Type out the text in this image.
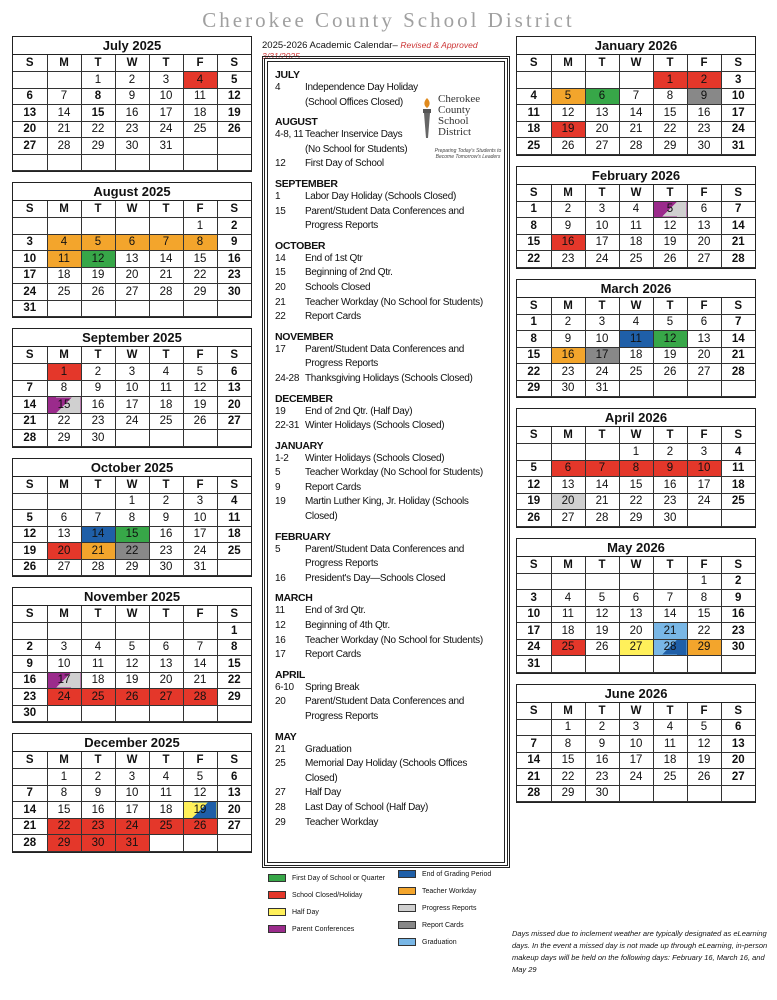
Cherokee County School District
July 2025
S	M	T	W	T	F	S
		1	2	3	4	5
6	7	8	9	10	11	12
13	14	15	16	17	18	19
20	21	22	23	24	25	26
27	28	29	30	31		

August 2025
S	M	T	W	T	F	S
					1	2
3	4	5	6	7	8	9
10	11	12	13	14	15	16
17	18	19	20	21	22	23
24	25	26	27	28	29	30
31						
September 2025
S	M	T	W	T	F	S
	1	2	3	4	5	6
7	8	9	10	11	12	13
14	15	16	17	18	19	20
21	22	23	24	25	26	27
28	29	30				
October 2025
S	M	T	W	T	F	S
			1	2	3	4
5	6	7	8	9	10	11
12	13	14	15	16	17	18
19	20	21	22	23	24	25
26	27	28	29	30	31	
November 2025
S	M	T	W	T	F	S
						1
2	3	4	5	6	7	8
9	10	11	12	13	14	15
16	17	18	19	20	21	22
23	24	25	26	27	28	29
30						
December 2025
S	M	T	W	T	F	S
	1	2	3	4	5	6
7	8	9	10	11	12	13
14	15	16	17	18	19	20
21	22	23	24	25	26	27
28	29	30	31			
January 2026
S	M	T	W	T	F	S
				1	2	3
4	5	6	7	8	9	10
11	12	13	14	15	16	17
18	19	20	21	22	23	24
25	26	27	28	29	30	31
February 2026
S	M	T	W	T	F	S
1	2	3	4	5	6	7
8	9	10	11	12	13	14
15	16	17	18	19	20	21
22	23	24	25	26	27	28
March 2026
S	M	T	W	T	F	S
1	2	3	4	5	6	7
8	9	10	11	12	13	14
15	16	17	18	19	20	21
22	23	24	25	26	27	28
29	30	31				
April 2026
S	M	T	W	T	F	S
			1	2	3	4
5	6	7	8	9	10	11
12	13	14	15	16	17	18
19	20	21	22	23	24	25
26	27	28	29	30		
May 2026
S	M	T	W	T	F	S
					1	2
3	4	5	6	7	8	9
10	11	12	13	14	15	16
17	18	19	20	21	22	23
24	25	26	27	28	29	30
31						
June 2026
S	M	T	W	T	F	S
	1	2	3	4	5	6
7	8	9	10	11	12	13
14	15	16	17	18	19	20
21	22	23	24	25	26	27
28	29	30				
2025-2026 Academic Calendar– Revised & Approved 3/31/2025
JULY
4	Independence Day Holiday
(School Offices Closed)
AUGUST
4-8, 11 Teacher Inservice Days
(No School for Students)
12	First Day of School
SEPTEMBER
1	Labor Day Holiday (Schools Closed)
15	Parent/Student Data Conferences and
Progress Reports
OCTOBER
14	End of 1st Qtr
15	Beginning of 2nd Qtr.
20	Schools Closed
21	Teacher Workday (No School for Students)
22	Report Cards
NOVEMBER
17	Parent/Student Data Conferences and
Progress Reports
24-28 Thanksgiving Holidays (Schools Closed)
DECEMBER
19	End of 2nd Qtr. (Half Day)
22-31 Winter Holidays (Schools Closed)
JANUARY
1-2	Winter Holidays (Schools Closed)
5	Teacher Workday (No School for Students)
9	Report Cards
19	Martin Luther King, Jr. Holiday (Schools Closed)
FEBRUARY
5	Parent/Student Data Conferences and
Progress Reports
16	President's Day—Schools Closed
MARCH
11	End of 3rd Qtr.
12	Beginning of 4th Qtr.
16	Teacher Workday (No School for Students)
17	Report Cards
APRIL
6-10	Spring Break
20	Parent/Student Data Conferences and
Progress Reports
MAY
21	Graduation
25	Memorial Day Holiday (Schools Offices Closed)
27	Half Day
28	Last Day of School (Half Day)
29	Teacher Workday
Cherokee
County
School
District
Preparing Today's Students to Become Tomorrow's Leaders
First Day of School or Quarter
School Closed/Holiday
Half Day
Parent Conferences
End of Grading Period
Teacher Workday
Progress Reports
Report Cards
Graduation
Days missed due to inclement weather are typically designated as eLearning days. In the event a missed day is not made up through eLearning, in-person makeup days will be held on the following days: February 16, March 16, and May 29
